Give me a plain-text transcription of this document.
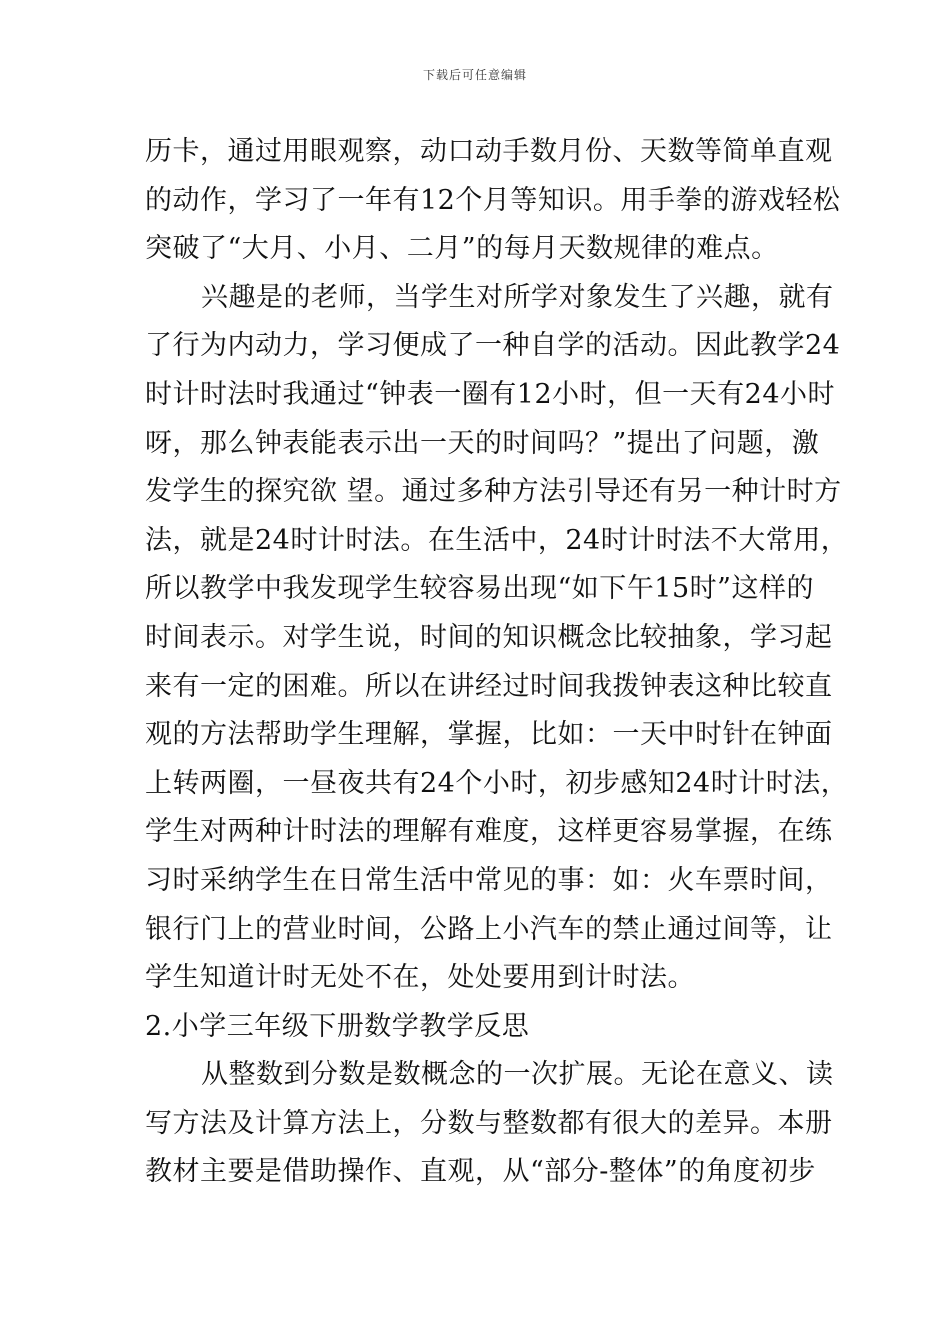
下载后可任意编辑
历卡，通过用眼观察，动口动手数月份、天数等简单直观
的动作，学习了一年有12个月等知识。用手拳的游戏轻松
突破了“大月、小月、二月”的每月天数规律的难点。
兴趣是的老师，当学生对所学对象发生了兴趣，就有
了行为内动力，学习便成了一种自学的活动。因此教学24
时计时法时我通过“钟表一圈有12小时，但一天有24小时
呀，那么钟表能表示出一天的时间吗？”提出了问题，激
发学生的探究欲 望。通过多种方法引导还有另一种计时方
法，就是24时计时法。在生活中，24时计时法不大常用，
所以教学中我发现学生较容易出现“如下午15时”这样的
时间表示。对学生说，时间的知识概念比较抽象，学习起
来有一定的困难。所以在讲经过时间我拨钟表这种比较直
观的方法帮助学生理解，掌握，比如：一天中时针在钟面
上转两圈，一昼夜共有24个小时，初步感知24时计时法，
学生对两种计时法的理解有难度，这样更容易掌握，在练
习时采纳学生在日常生活中常见的事：如：火车票时间，
银行门上的营业时间，公路上小汽车的禁止通过间等，让
学生知道计时无处不在，处处要用到计时法。
2.小学三年级下册数学教学反思
从整数到分数是数概念的一次扩展。无论在意义、读
写方法及计算方法上，分数与整数都有很大的差异。本册
教材主要是借助操作、直观，从“部分-整体”的角度初步
